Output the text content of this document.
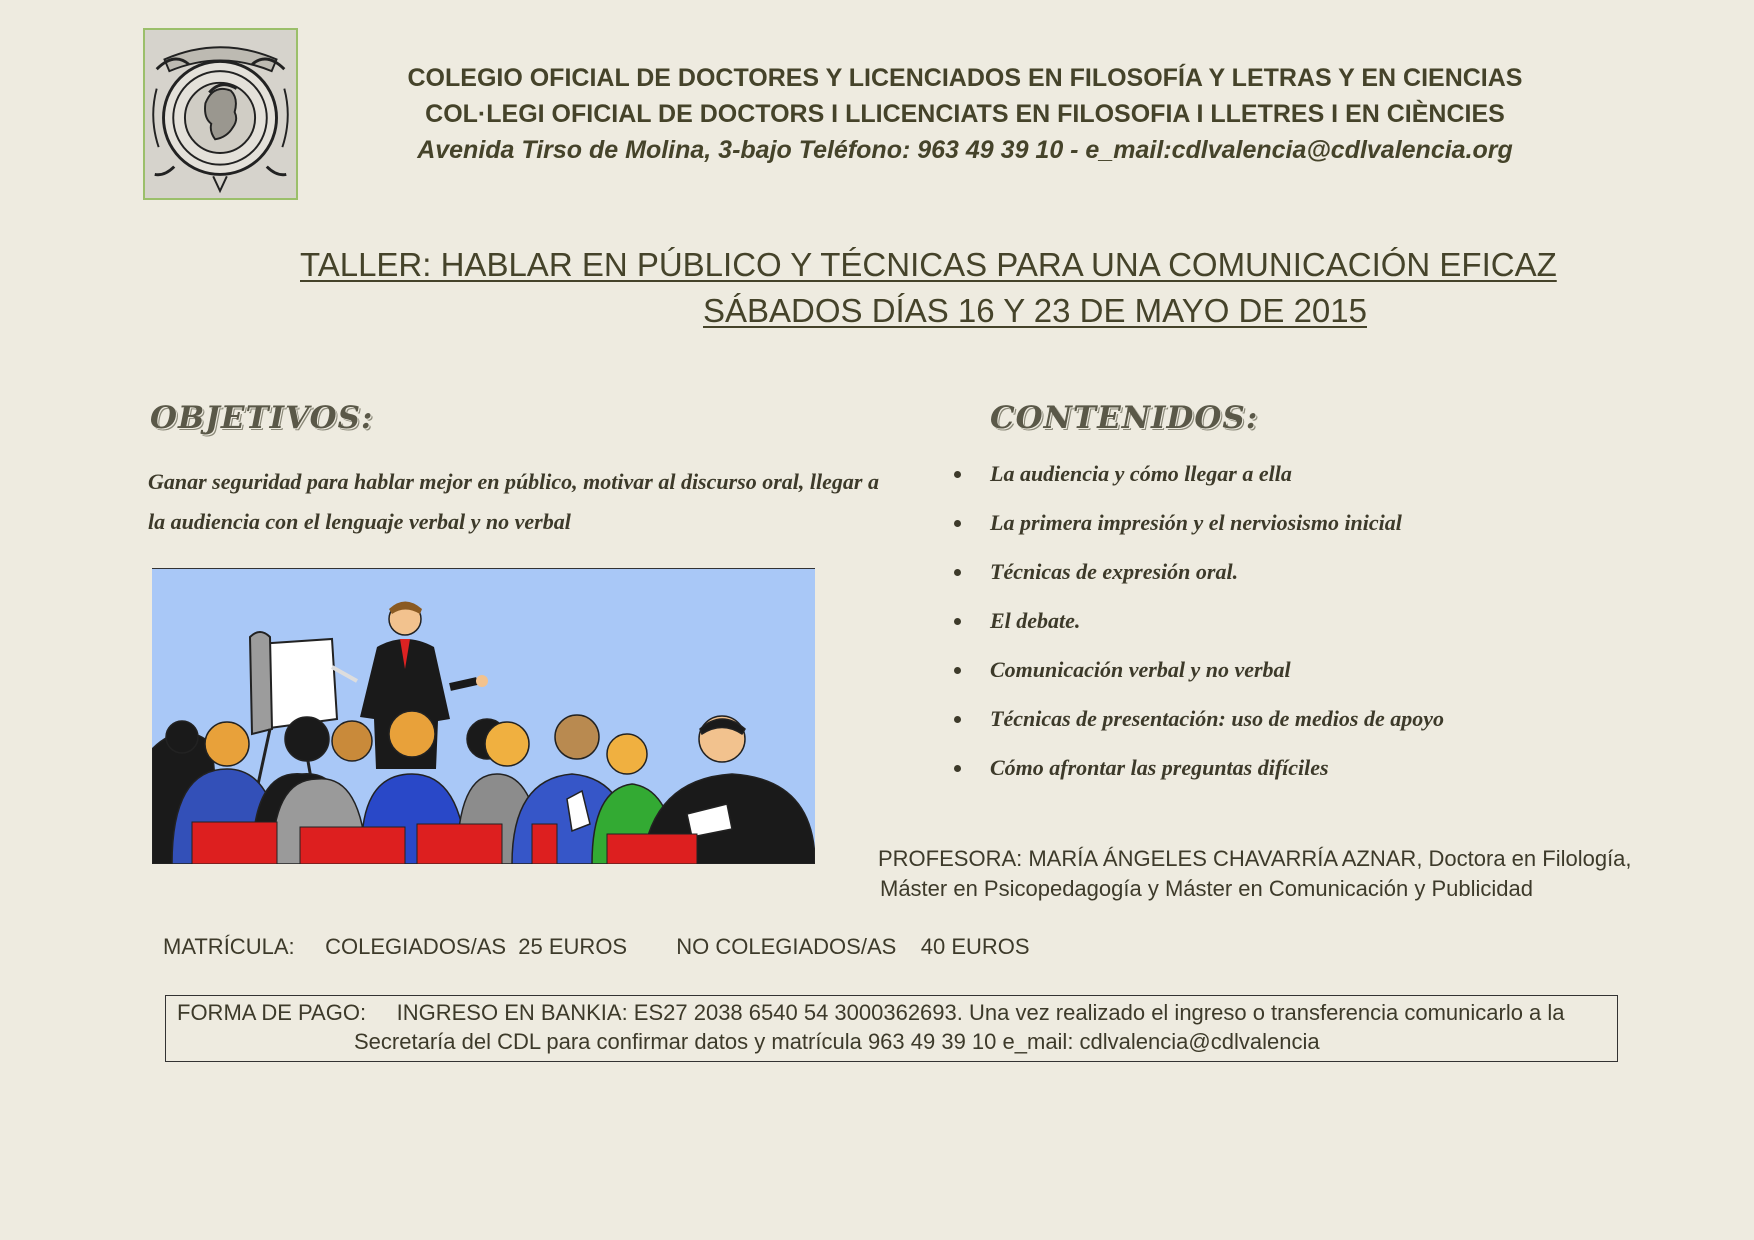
COLEGIO OFICIAL DE DOCTORES Y LICENCIADOS EN FILOSOFÍA Y LETRAS Y EN CIENCIAS
COL·LEGI OFICIAL DE DOCTORS I LLICENCIATS EN FILOSOFIA I LLETRES I EN CIÈNCIES
Avenida Tirso de Molina, 3-bajo Teléfono: 963 49 39 10 - e_mail:cdlvalencia@cdlvalencia.org
TALLER: HABLAR EN PÚBLICO Y TÉCNICAS PARA UNA COMUNICACIÓN EFICAZ
SÁBADOS DÍAS 16 Y 23 DE MAYO DE 2015
OBJETIVOS:
Ganar seguridad para hablar mejor en público, motivar al discurso oral, llegar a la audiencia con el lenguaje verbal y no verbal
CONTENIDOS:
La audiencia y cómo llegar a ella
La primera impresión y el nerviosismo inicial
Técnicas de expresión oral.
El debate.
Comunicación verbal y no verbal
Técnicas de presentación: uso de medios de apoyo
Cómo afrontar las preguntas difíciles
PROFESORA: MARÍA ÁNGELES CHAVARRÍA AZNAR, Doctora en Filología,
Máster en Psicopedagogía y Máster en Comunicación y Publicidad
MATRÍCULA: COLEGIADOS/AS  25 EUROS NO COLEGIADOS/AS    40 EUROS
FORMA DE PAGO:     INGRESO EN BANKIA: ES27 2038 6540 54 3000362693. Una vez realizado el ingreso o transferencia comunicarlo a la
Secretaría del CDL para confirmar datos y matrícula 963 49 39 10 e_mail: cdlvalencia@cdlvalencia
